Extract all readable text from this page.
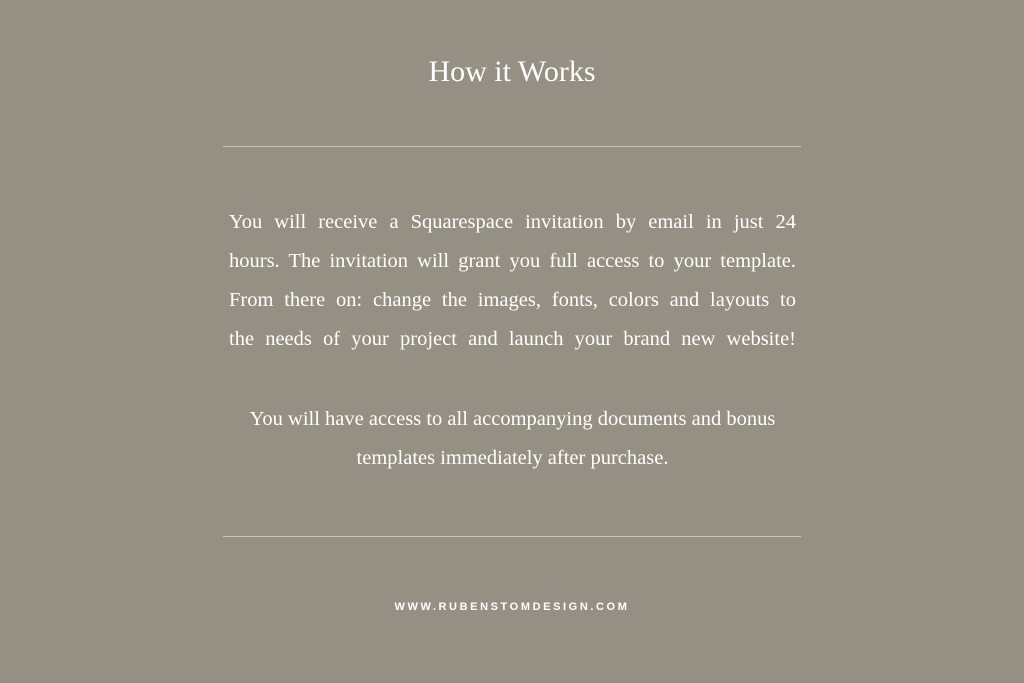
How it Works

You will receive a Squarespace invitation by email in just 24
hours. The invitation will grant you full access to your template.
From there on: change the images, fonts, colors and layouts to
the needs of your project and launch your brand new website!

You will have access to all accompanying documents and bonus templates immediately after purchase.

WWW.RUBENSTOMDESIGN.COM
